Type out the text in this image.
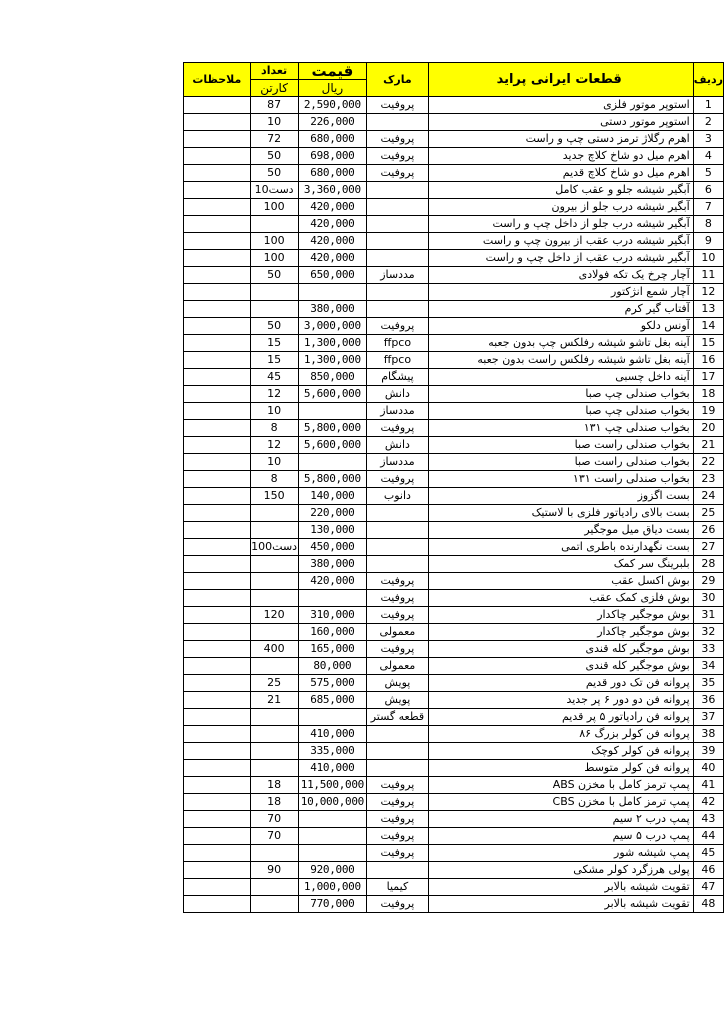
ملاحظات	تعداد	قیمت	مارک	قطعات ایرانی پراید	ردیف
	کارتن	ریال			
	87	2,590,000	پروفیت	استوپر موتور فلزی	1
	10	226,000		استوپر موتور دستی	2
	72	680,000	پروفیت	اهرم رگلاژ ترمز دستی چپ و راست	3
	50	698,000	پروفیت	اهرم میل دو شاخ کلاچ جدید	4
	50	680,000	پروفیت	اهرم میل دو شاخ کلاچ قدیم	5
	10دست	3,360,000		آبگیر شیشه جلو و عقب کامل	6
	100	420,000		آبگیر شیشه درب جلو از بیرون	7
		420,000		آبگیر شیشه درب جلو از داخل چپ و راست	8
	100	420,000		آبگیر شیشه درب عقب از بیرون چپ و راست	9
	100	420,000		آبگیر شیشه درب عقب از داخل چپ و راست	10
	50	650,000	مددساز	آچار چرخ یک تکه فولادی	11
				آچار شمع انژکتور	12
		380,000		آفتاب گیر کرم	13
	50	3,000,000	پروفیت	آونس دلکو	14
	15	1,300,000	ffpco	آینه بغل تاشو شیشه رفلکس چپ بدون جعبه	15
	15	1,300,000	ffpco	آینه بغل تاشو شیشه رفلکس راست بدون جعبه	16
	45	850,000	پیشگام	آینه داخل چسبی	17
	12	5,600,000	دانش	بخواب صندلی چپ صبا	18
	10		مددساز	بخواب صندلی چپ صبا	19
	8	5,800,000	پروفیت	بخواب صندلی چپ ۱۳۱	20
	12	5,600,000	دانش	بخواب صندلی راست صبا	21
	10		مددساز	بخواب صندلی راست صبا	22
	8	5,800,000	پروفیت	بخواب صندلی راست ۱۳۱	23
	150	140,000	دانوب	بست اگزوز	24
		220,000		بست بالای رادیاتور فلزی با لاستیک	25
		130,000		بست دیاق میل موجگیر	26
	100دست	450,000		بست نگهدارنده باطری اتمی	27
		380,000		بلبرینگ سر کمک	28
		420,000	پروفیت	بوش اکسل عقب	29
			پروفیت	بوش فلزی کمک عقب	30
	120	310,000	پروفیت	بوش موجگیر چاکدار	31
		160,000	معمولی	بوش موجگیر چاکدار	32
	400	165,000	پروفیت	بوش موجگیر کله قندی	33
		80,000	معمولی	بوش موجگیر کله قندی	34
	25	575,000	پویش	پروانه فن تک دور قدیم	35
	21	685,000	پویش	پروانه فن دو دور ۶ پر جدید	36
			قطعه گستر	پروانه فن رادیاتور ۵ پر قدیم	37
		410,000		پروانه فن کولر بزرگ ۸۶	38
		335,000		پروانه فن کولر کوچک	39
		410,000		پروانه فن کولر متوسط	40
	18	11,500,000	پروفیت	پمپ ترمز کامل با مخزن ABS	41
	18	10,000,000	پروفیت	پمپ ترمز کامل با مخزن CBS	42
	70		پروفیت	پمپ درب ۲ سیم	43
	70		پروفیت	پمپ درب ۵ سیم	44
			پروفیت	پمپ شیشه شور	45
	90	920,000		پولی هرزگرد کولر مشکی	46
		1,000,000	کیمیا	تقویت شیشه بالابر	47
		770,000	پروفیت	تقویت شیشه بالابر	48
